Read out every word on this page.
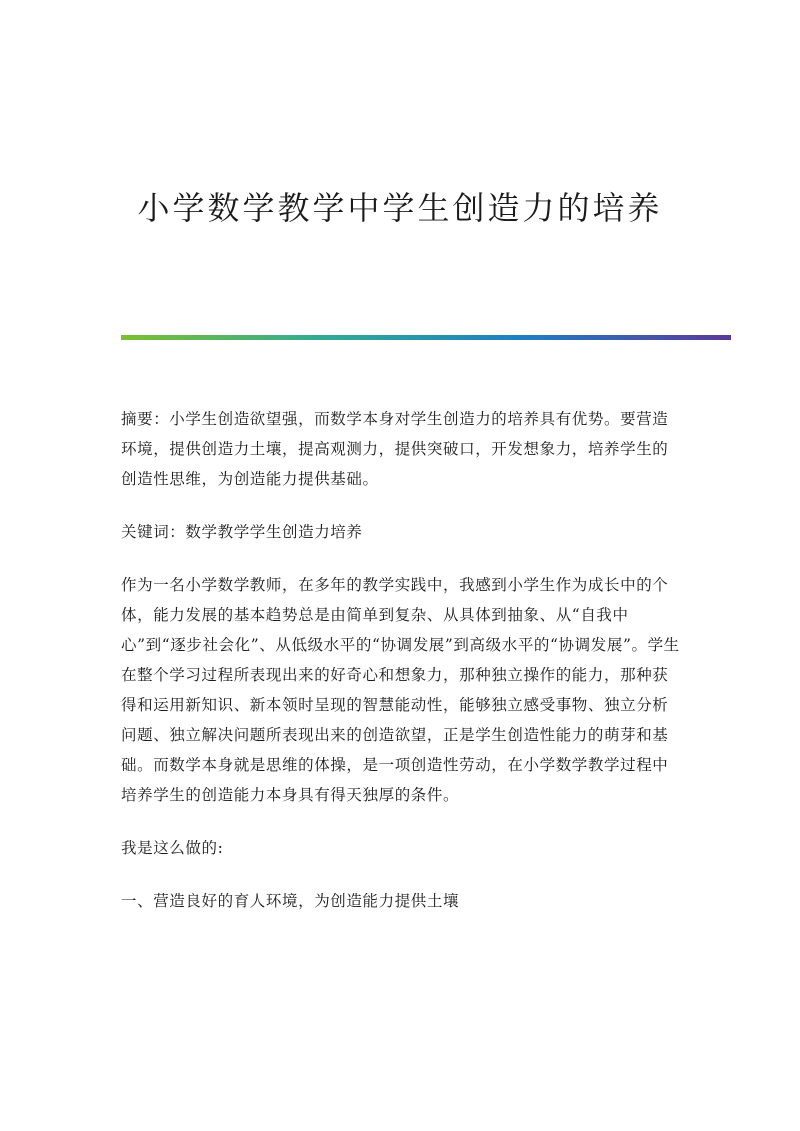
小学数学教学中学生创造力的培养

摘要：小学生创造欲望强，而数学本身对学生创造力的培养具有优势。要营造环境，提供创造力土壤，提高观测力，提供突破口，开发想象力，培养学生的创造性思维，为创造能力提供基础。

关键词：数学教学学生创造力培养

作为一名小学数学教师，在多年的教学实践中，我感到小学生作为成长中的个体，能力发展的基本趋势总是由简单到复杂、从具体到抽象、从“自我中心”到“逐步社会化”、从低级水平的“协调发展”到高级水平的“协调发展”。学生在整个学习过程所表现出来的好奇心和想象力，那种独立操作的能力，那种获得和运用新知识、新本领时呈现的智慧能动性，能够独立感受事物、独立分析问题、独立解决问题所表现出来的创造欲望，正是学生创造性能力的萌芽和基础。而数学本身就是思维的体操，是一项创造性劳动，在小学数学教学过程中培养学生的创造能力本身具有得天独厚的条件。

我是这么做的:

一、营造良好的育人环境，为创造能力提供土壤
